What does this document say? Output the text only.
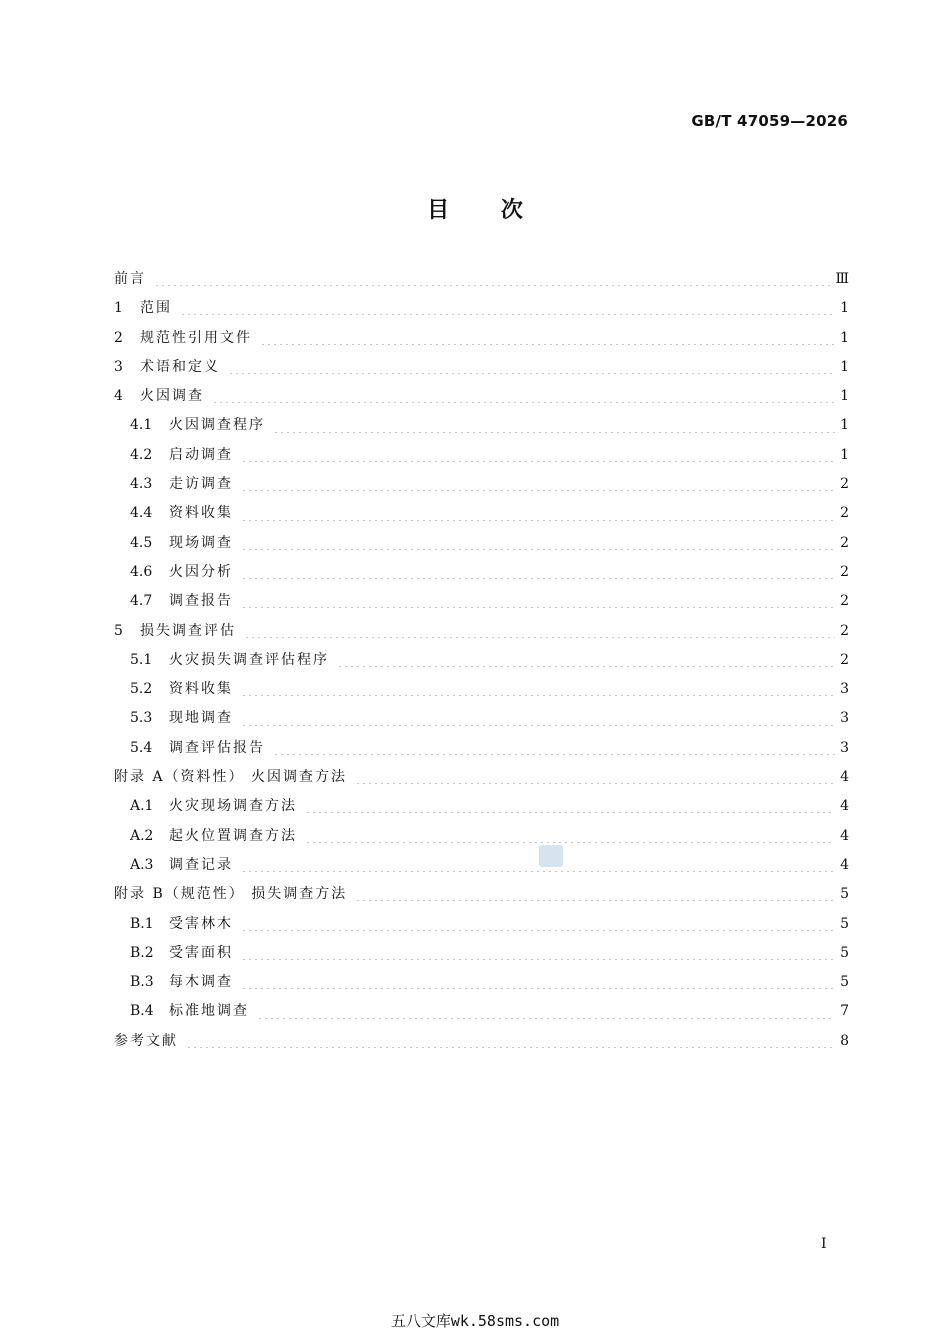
GB/T 47059—2026
目 次
前言	Ⅲ
1	范围	1
2	规范性引用文件	1
3	术语和定义	1
4	火因调查	1
4.1	火因调查程序	1
4.2	启动调查	1
4.3	走访调查	2
4.4	资料收集	2
4.5	现场调查	2
4.6	火因分析	2
4.7	调查报告	2
5	损失调查评估	2
5.1	火灾损失调查评估程序	2
5.2	资料收集	3
5.3	现地调查	3
5.4	调查评估报告	3
附录 A（资料性） 火因调查方法	4
A.1	火灾现场调查方法	4
A.2	起火位置调查方法	4
A.3	调查记录	4
附录 B（规范性） 损失调查方法	5
B.1	受害林木	5
B.2	受害面积	5
B.3	每木调查	5
B.4	标准地调查	7
参考文献	8
I
五八文库wk.58sms.com
